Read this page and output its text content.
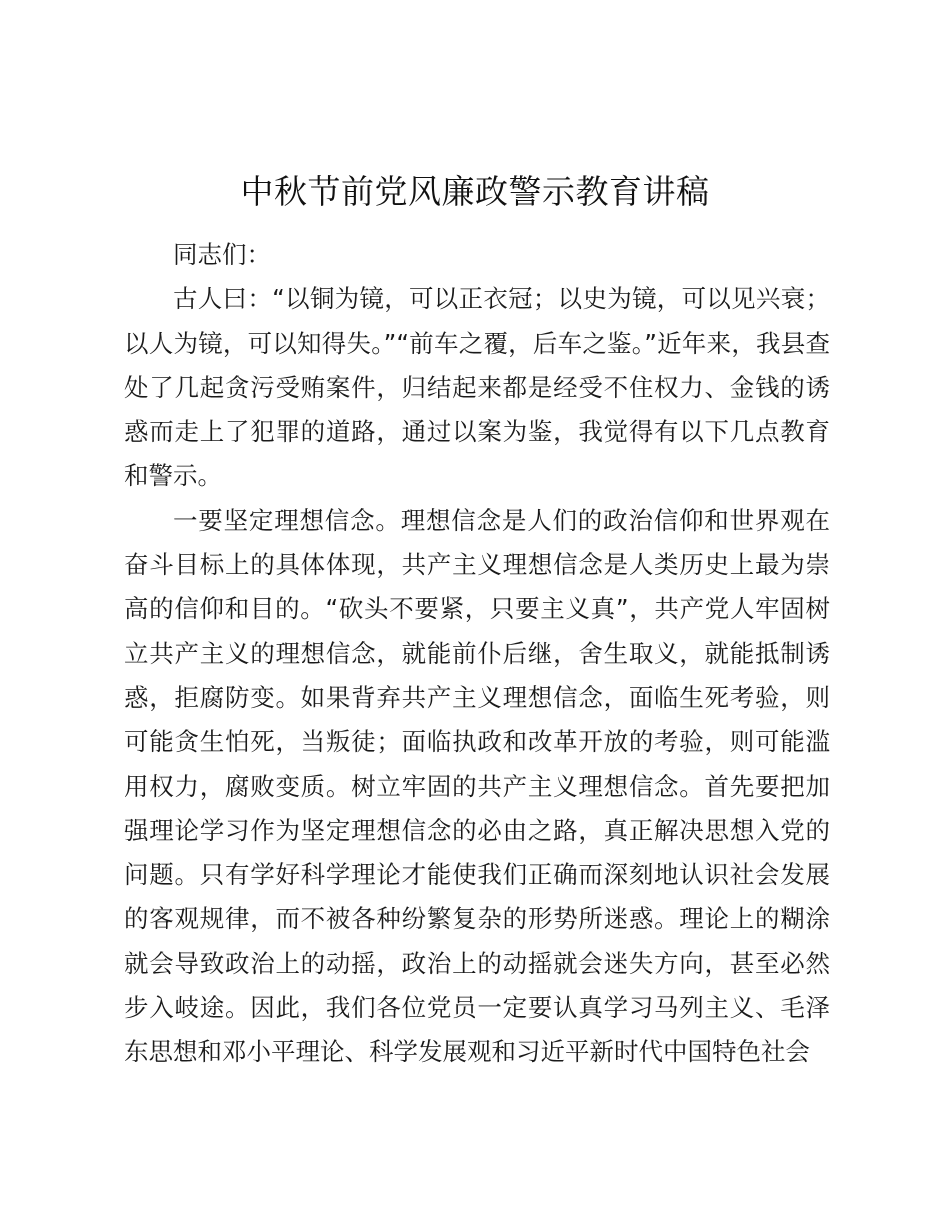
中秋节前党风廉政警示教育讲稿

同志们：

古人曰：“以铜为镜，可以正衣冠；以史为镜，可以见兴衰；以人为镜，可以知得失。”“前车之覆，后车之鉴。”近年来，我县查处了几起贪污受贿案件，归结起来都是经受不住权力、金钱的诱惑而走上了犯罪的道路，通过以案为鉴，我觉得有以下几点教育和警示。

一要坚定理想信念。理想信念是人们的政治信仰和世界观在奋斗目标上的具体体现，共产主义理想信念是人类历史上最为崇高的信仰和目的。“砍头不要紧，只要主义真”，共产党人牢固树立共产主义的理想信念，就能前仆后继，舍生取义，就能抵制诱惑，拒腐防变。如果背弃共产主义理想信念，面临生死考验，则可能贪生怕死，当叛徒；面临执政和改革开放的考验，则可能滥用权力，腐败变质。树立牢固的共产主义理想信念。首先要把加强理论学习作为坚定理想信念的必由之路，真正解决思想入党的问题。只有学好科学理论才能使我们正确而深刻地认识社会发展的客观规律，而不被各种纷繁复杂的形势所迷惑。理论上的糊涂就会导致政治上的动摇，政治上的动摇就会迷失方向，甚至必然步入岐途。因此，我们各位党员一定要认真学习马列主义、毛泽东思想和邓小平理论、科学发展观和习近平新时代中国特色社会
